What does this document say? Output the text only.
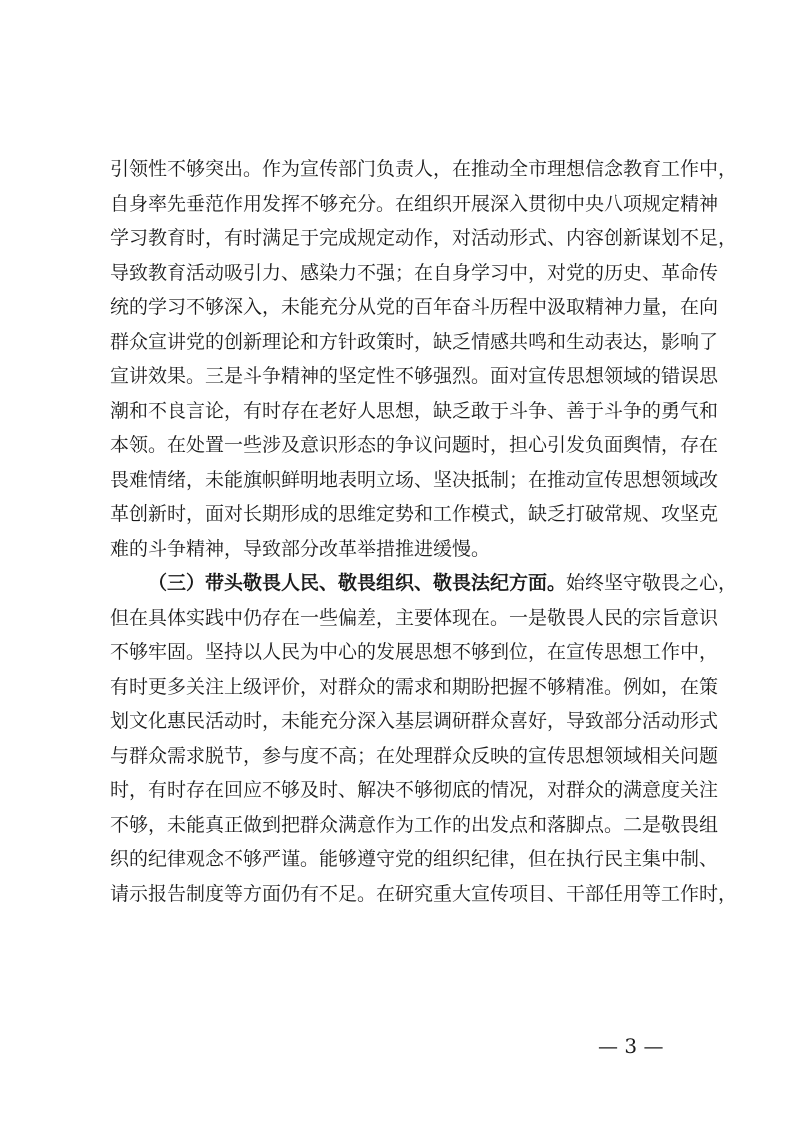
引领性不够突出。作为宣传部门负责人，在推动全市理想信念教育工作中，
自身率先垂范作用发挥不够充分。在组织开展深入贯彻中央八项规定精神
学习教育时，有时满足于完成规定动作，对活动形式、内容创新谋划不足，
导致教育活动吸引力、感染力不强；在自身学习中，对党的历史、革命传
统的学习不够深入，未能充分从党的百年奋斗历程中汲取精神力量，在向
群众宣讲党的创新理论和方针政策时，缺乏情感共鸣和生动表达，影响了
宣讲效果。三是斗争精神的坚定性不够强烈。面对宣传思想领域的错误思
潮和不良言论，有时存在老好人思想，缺乏敢于斗争、善于斗争的勇气和
本领。在处置一些涉及意识形态的争议问题时，担心引发负面舆情，存在
畏难情绪，未能旗帜鲜明地表明立场、坚决抵制；在推动宣传思想领域改
革创新时，面对长期形成的思维定势和工作模式，缺乏打破常规、攻坚克
难的斗争精神，导致部分改革举措推进缓慢。
（三）带头敬畏人民、敬畏组织、敬畏法纪方面。始终坚守敬畏之心，
但在具体实践中仍存在一些偏差，主要体现在。一是敬畏人民的宗旨意识
不够牢固。坚持以人民为中心的发展思想不够到位，在宣传思想工作中，
有时更多关注上级评价，对群众的需求和期盼把握不够精准。例如，在策
划文化惠民活动时，未能充分深入基层调研群众喜好，导致部分活动形式
与群众需求脱节，参与度不高；在处理群众反映的宣传思想领域相关问题
时，有时存在回应不够及时、解决不够彻底的情况，对群众的满意度关注
不够，未能真正做到把群众满意作为工作的出发点和落脚点。二是敬畏组
织的纪律观念不够严谨。能够遵守党的组织纪律，但在执行民主集中制、
请示报告制度等方面仍有不足。在研究重大宣传项目、干部任用等工作时，
— 3 —
